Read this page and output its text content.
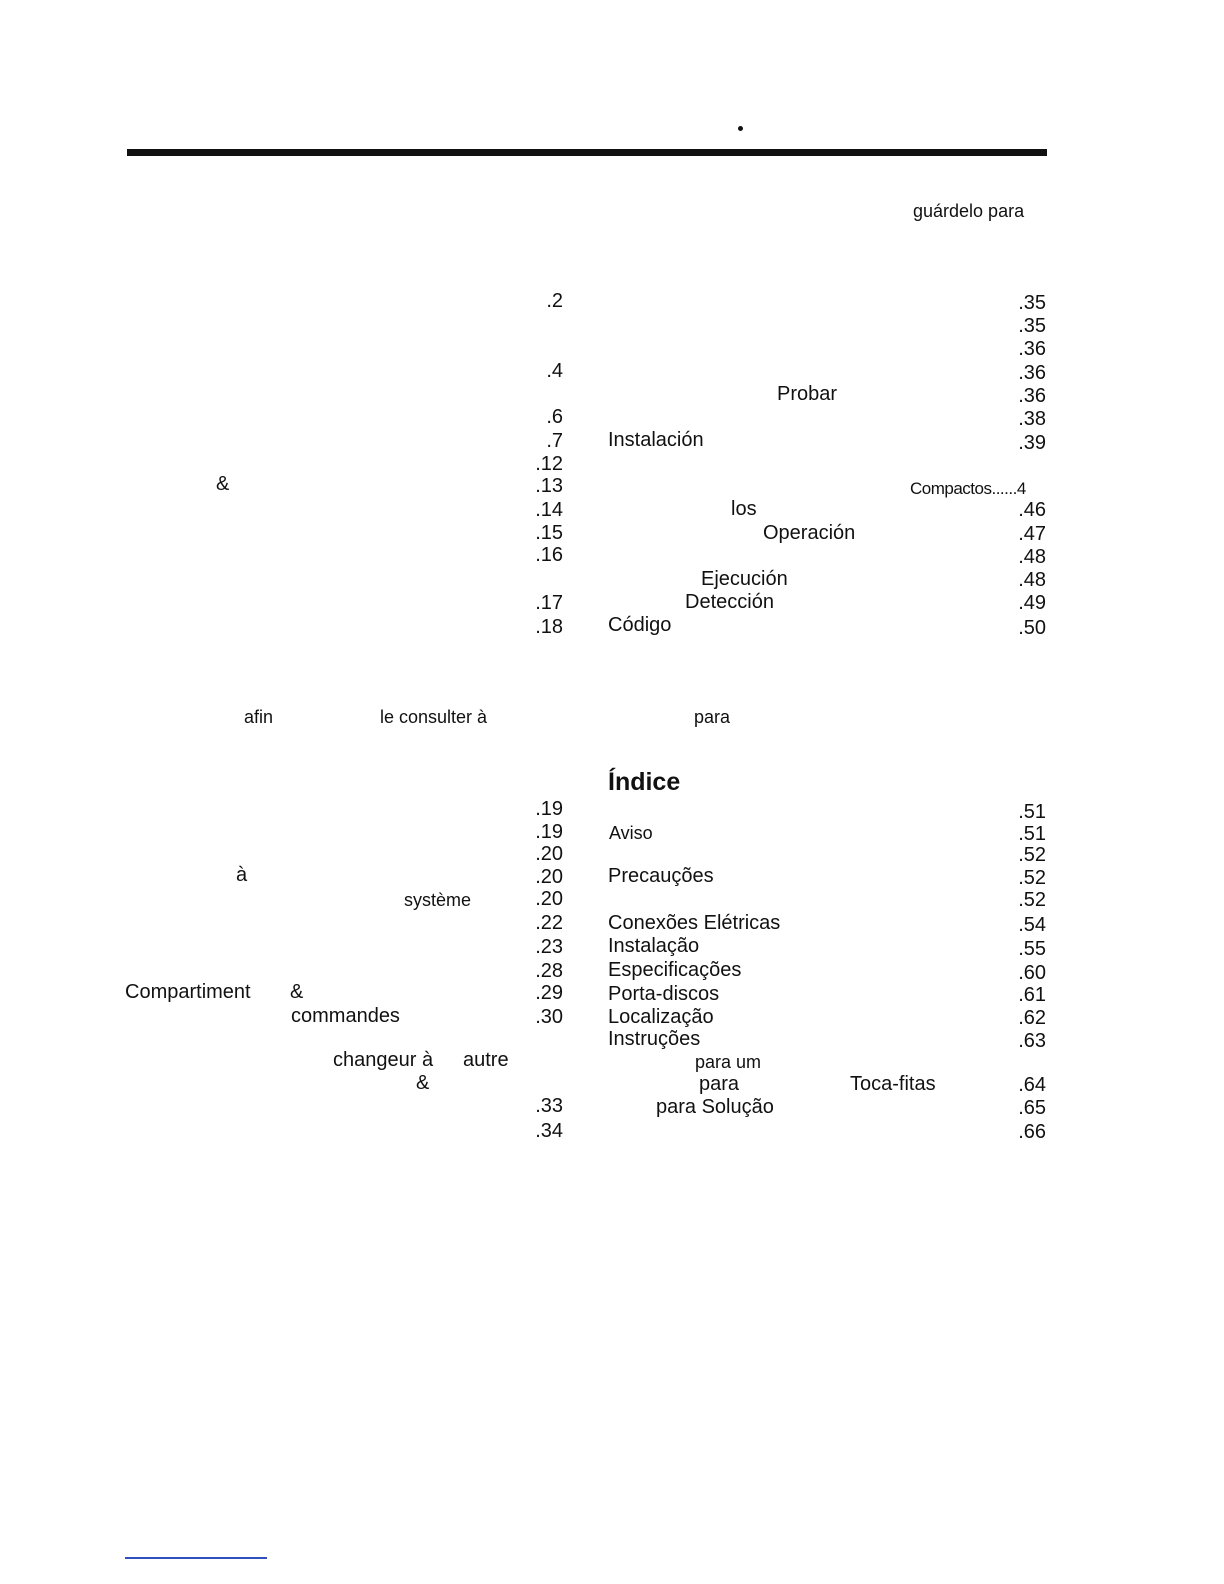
guárdelo para
&
.2
.4
.6
.7
.12
.13
.14
.15
.16
.17
.18
Probar
Instalación
Compactos......4
los
Operación
Ejecución
Detección
Código
.35
.35
.36
.36
.36
.38
.39
.46
.47
.48
.48
.49
.50
afin	le consulter à
à
système
Compartiment &
commandes
changeur à autre
&
.19
.19
.20
.20
.20
.22
.23
.28
.29
.30
.33
.34
para
Índice
Aviso
Precauções
Conexões Elétricas
Instalação
Especificações
Porta-discos
Localização
Instruções
para um
para	Toca-fitas
para Solução
.51
.51
.52
.52
.52
.54
.55
.60
.61
.62
.63
.64
.65
.66
